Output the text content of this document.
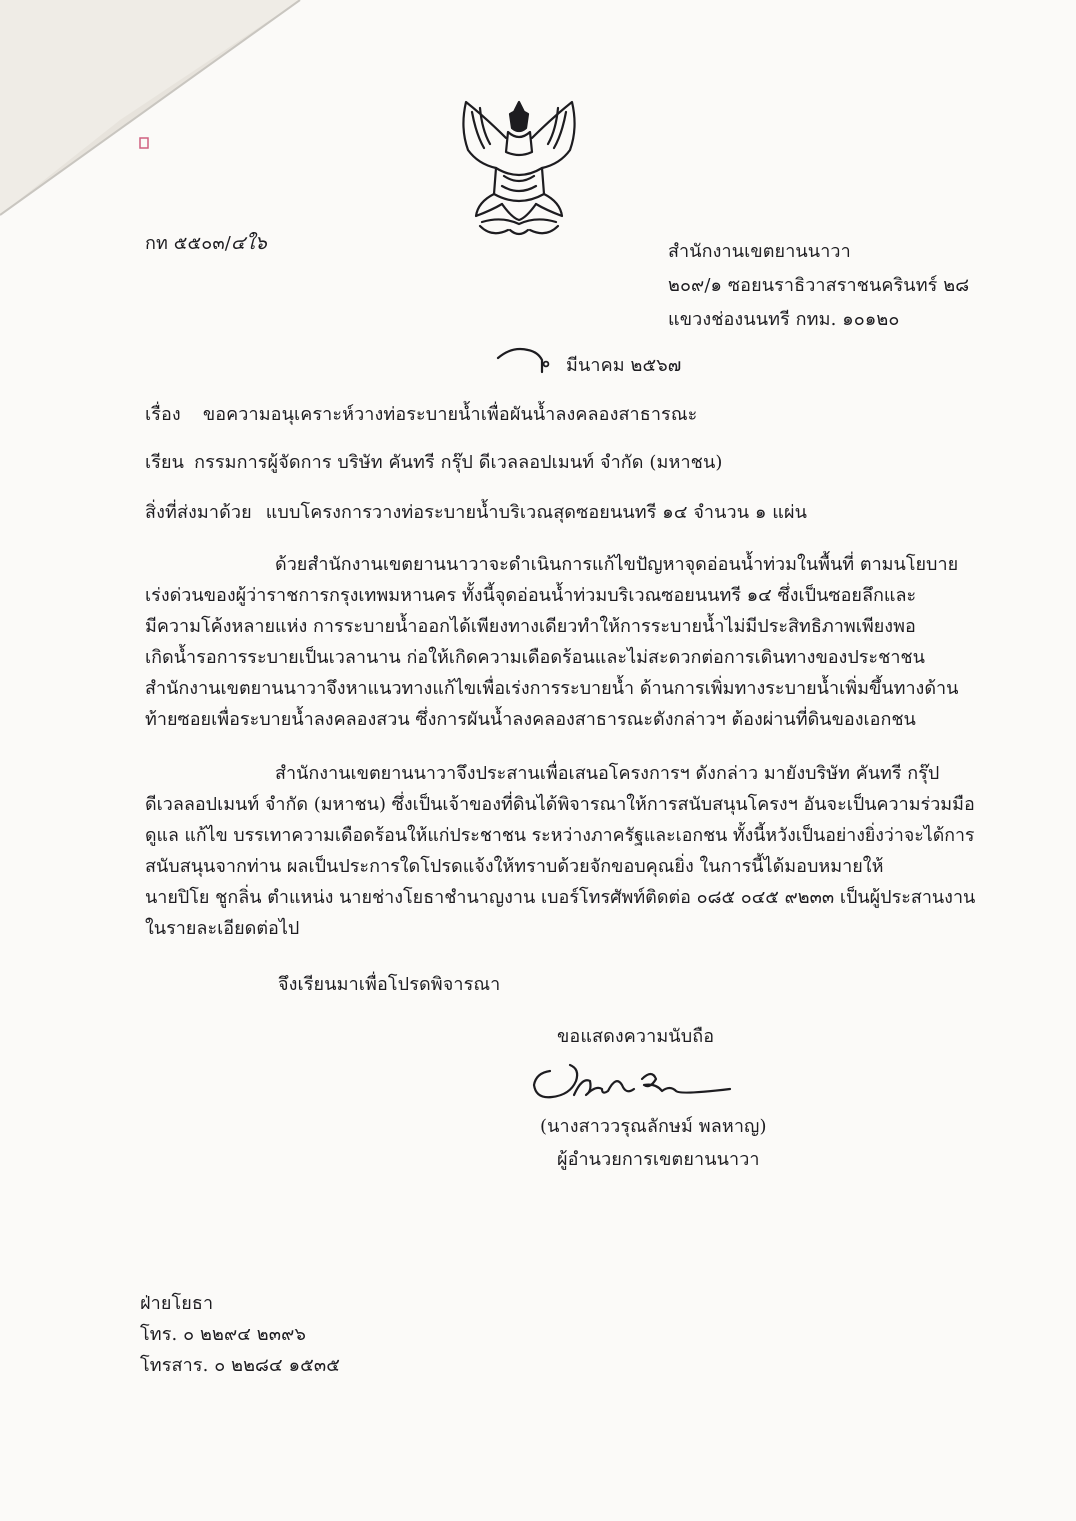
กท ๕๕๐๓/๔ใ๖	สำนักงานเขตยานนาวา
๒๐๙/๑ ซอยนราธิวาสราชนครินทร์ ๒๘
แขวงช่องนนทรี กทม. ๑๐๑๒๐
มีนาคม ๒๕๖๗
เรื่อง ขอความอนุเคราะห์วางท่อระบายน้ำเพื่อผันน้ำลงคลองสาธารณะ
เรียน กรรมการผู้จัดการ บริษัท คันทรี กรุ๊ป ดีเวลลอปเมนท์ จำกัด (มหาชน)
สิ่งที่ส่งมาด้วย แบบโครงการวางท่อระบายน้ำบริเวณสุดซอยนนทรี ๑๔ จำนวน ๑ แผ่น
ด้วยสำนักงานเขตยานนาวาจะดำเนินการแก้ไขปัญหาจุดอ่อนน้ำท่วมในพื้นที่ ตามนโยบาย
เร่งด่วนของผู้ว่าราชการกรุงเทพมหานคร ทั้งนี้จุดอ่อนน้ำท่วมบริเวณซอยนนทรี ๑๔ ซึ่งเป็นซอยลึกและ
มีความโค้งหลายแห่ง การระบายน้ำออกได้เพียงทางเดียวทำให้การระบายน้ำไม่มีประสิทธิภาพเพียงพอ
เกิดน้ำรอการระบายเป็นเวลานาน ก่อให้เกิดความเดือดร้อนและไม่สะดวกต่อการเดินทางของประชาชน
สำนักงานเขตยานนาวาจึงหาแนวทางแก้ไขเพื่อเร่งการระบายน้ำ ด้านการเพิ่มทางระบายน้ำเพิ่มขึ้นทางด้าน
ท้ายซอยเพื่อระบายน้ำลงคลองสวน ซึ่งการผันน้ำลงคลองสาธารณะดังกล่าวฯ ต้องผ่านที่ดินของเอกชน
สำนักงานเขตยานนาวาจึงประสานเพื่อเสนอโครงการฯ ดังกล่าว มายังบริษัท คันทรี กรุ๊ป
ดีเวลลอปเมนท์ จำกัด (มหาชน) ซึ่งเป็นเจ้าของที่ดินได้พิจารณาให้การสนับสนุนโครงฯ อันจะเป็นความร่วมมือ
ดูแล แก้ไข บรรเทาความเดือดร้อนให้แก่ประชาชน ระหว่างภาครัฐและเอกชน ทั้งนี้หวังเป็นอย่างยิ่งว่าจะได้การ
สนับสนุนจากท่าน ผลเป็นประการใดโปรดแจ้งให้ทราบด้วยจักขอบคุณยิ่ง ในการนี้ได้มอบหมายให้
นายปิโย ชูกลิ่น ตำแหน่ง นายช่างโยธาชำนาญงาน เบอร์โทรศัพท์ติดต่อ ๐๘๕ ๐๔๕ ๙๒๓๓ เป็นผู้ประสานงาน
ในรายละเอียดต่อไป
จึงเรียนมาเพื่อโปรดพิจารณา
ขอแสดงความนับถือ
(นางสาววรุณลักษม์ พลหาญ)
ผู้อำนวยการเขตยานนาวา
ฝ่ายโยธา
โทร. ๐ ๒๒๙๔ ๒๓๙๖
โทรสาร. ๐ ๒๒๘๔ ๑๕๓๕
